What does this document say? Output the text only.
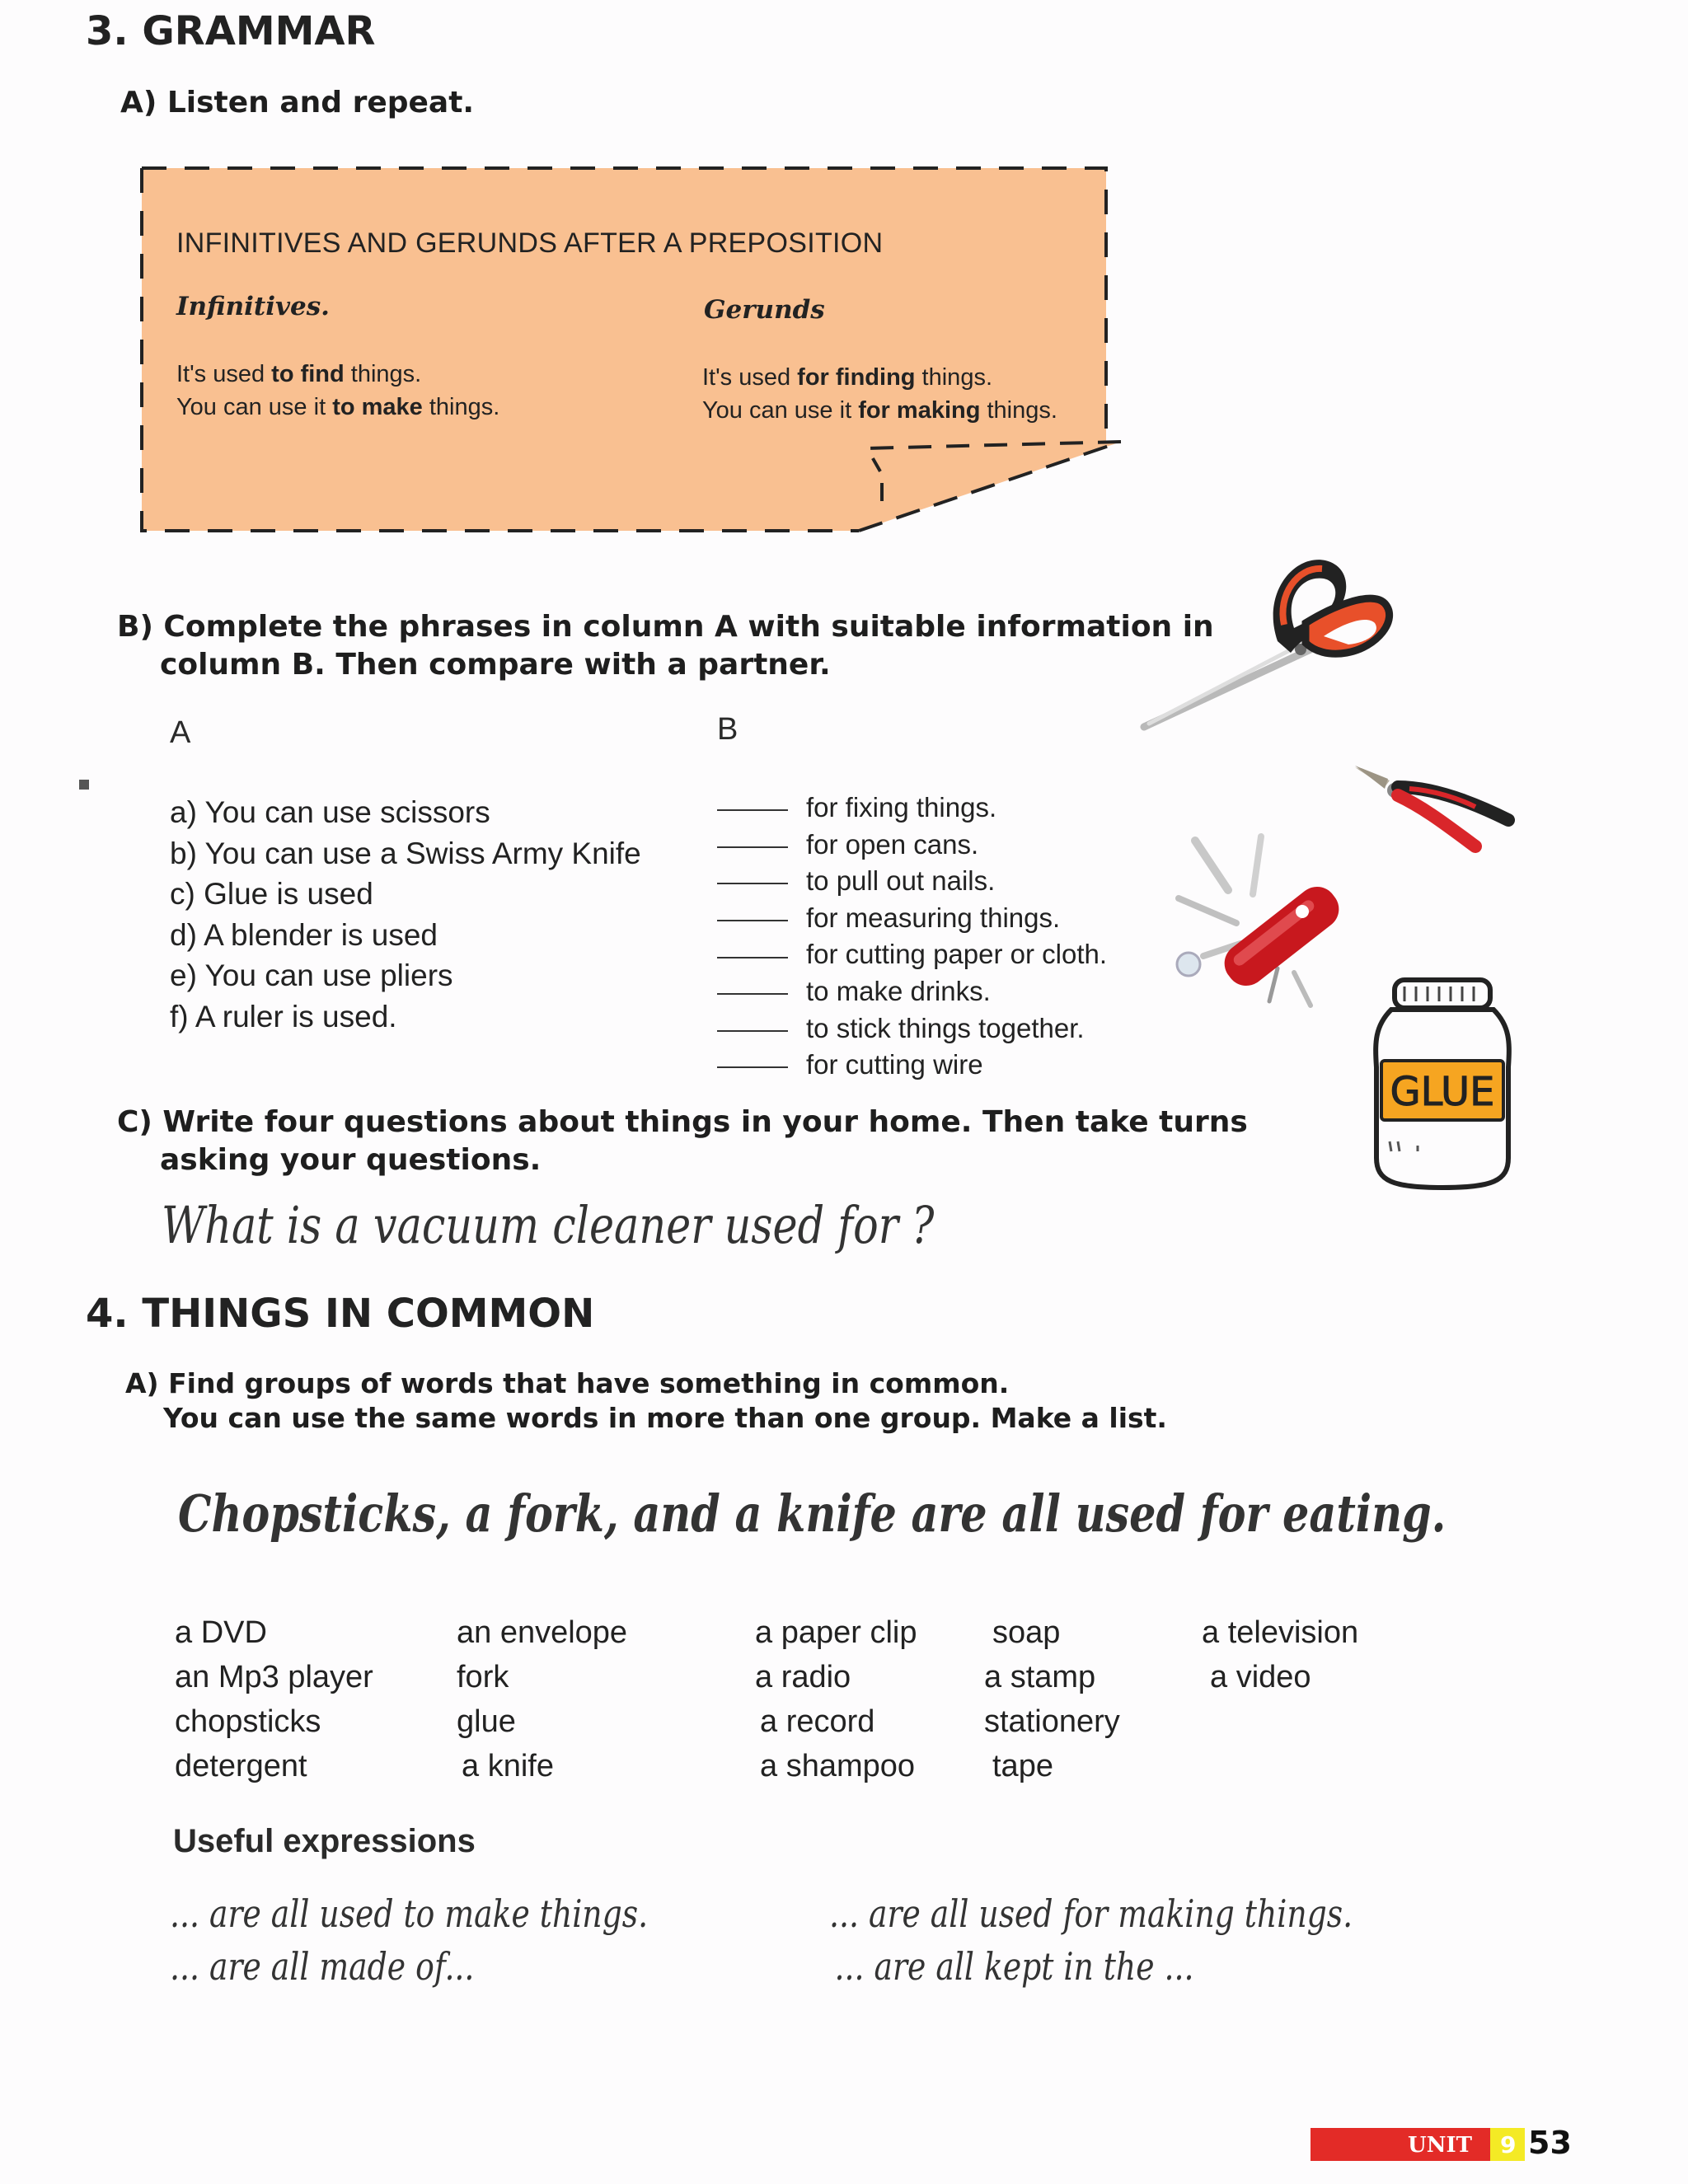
3. GRAMMAR
A) Listen and repeat.
INFINITIVES AND GERUNDS AFTER A PREPOSITION
Infinitives.	Gerunds
It's used to find things.
You can use it to make things.
It's used for finding things.
You can use it for making things.
B) Complete the phrases in column A with suitable information in
column B. Then compare with a partner.
A	B
a) You can use scissors
b) You can use a Swiss Army Knife
c) Glue is used
d) A blender is used
e) You can use pliers
f) A ruler is used.
for fixing things.
for open cans.
to pull out nails.
for measuring things.
for cutting paper or cloth.
to make drinks.
to stick things together.
for cutting wire
GLUE
C) Write four questions about things in your home. Then take turns
asking your questions.
What is a vacuum cleaner used for ?
4. THINGS IN COMMON
A) Find groups of words that have something in common.
You can use the same words in more than one group. Make a list.
Chopsticks, a fork, and a knife are all used for eating.
a DVD
an Mp3 player
chopsticks
detergent
an envelope
fork
glue
a knife
a paper clip
a radio
a record
a shampoo
soap
a stamp
stationery
tape
a television
a video
Useful expressions
... are all used to make things.
... are all made of...
... are all used for making things.
... are all kept in the ...
UNIT 9 53
